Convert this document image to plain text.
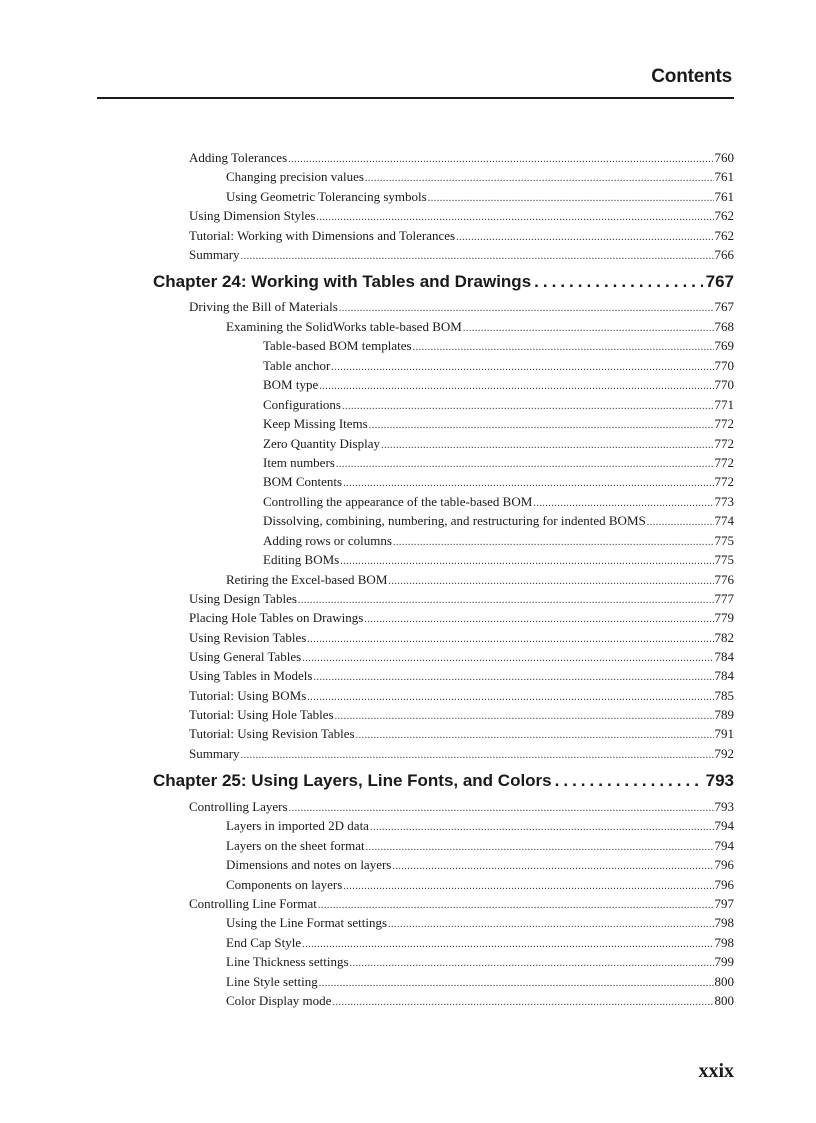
Contents
Adding Tolerances .....	760
Changing precision values .....	761
Using Geometric Tolerancing symbols .....	761
Using Dimension Styles .....	762
Tutorial: Working with Dimensions and Tolerances .....	762
Summary .....	766
Chapter 24: Working with Tables and Drawings .....	767
Driving the Bill of Materials .....	767
Examining the SolidWorks table-based BOM .....	768
Table-based BOM templates .....	769
Table anchor .....	770
BOM type .....	770
Configurations .....	771
Keep Missing Items .....	772
Zero Quantity Display .....	772
Item numbers .....	772
BOM Contents .....	772
Controlling the appearance of the table-based BOM .....	773
Dissolving, combining, numbering, and restructuring for indented BOMS .....	774
Adding rows or columns .....	775
Editing BOMs .....	775
Retiring the Excel-based BOM .....	776
Using Design Tables .....	777
Placing Hole Tables on Drawings .....	779
Using Revision Tables .....	782
Using General Tables .....	784
Using Tables in Models .....	784
Tutorial: Using BOMs .....	785
Tutorial: Using Hole Tables .....	789
Tutorial: Using Revision Tables .....	791
Summary .....	792
Chapter 25: Using Layers, Line Fonts, and Colors .....	793
Controlling Layers .....	793
Layers in imported 2D data .....	794
Layers on the sheet format .....	794
Dimensions and notes on layers .....	796
Components on layers .....	796
Controlling Line Format .....	797
Using the Line Format settings .....	798
End Cap Style .....	798
Line Thickness settings .....	799
Line Style setting .....	800
Color Display mode .....	800
xxix
